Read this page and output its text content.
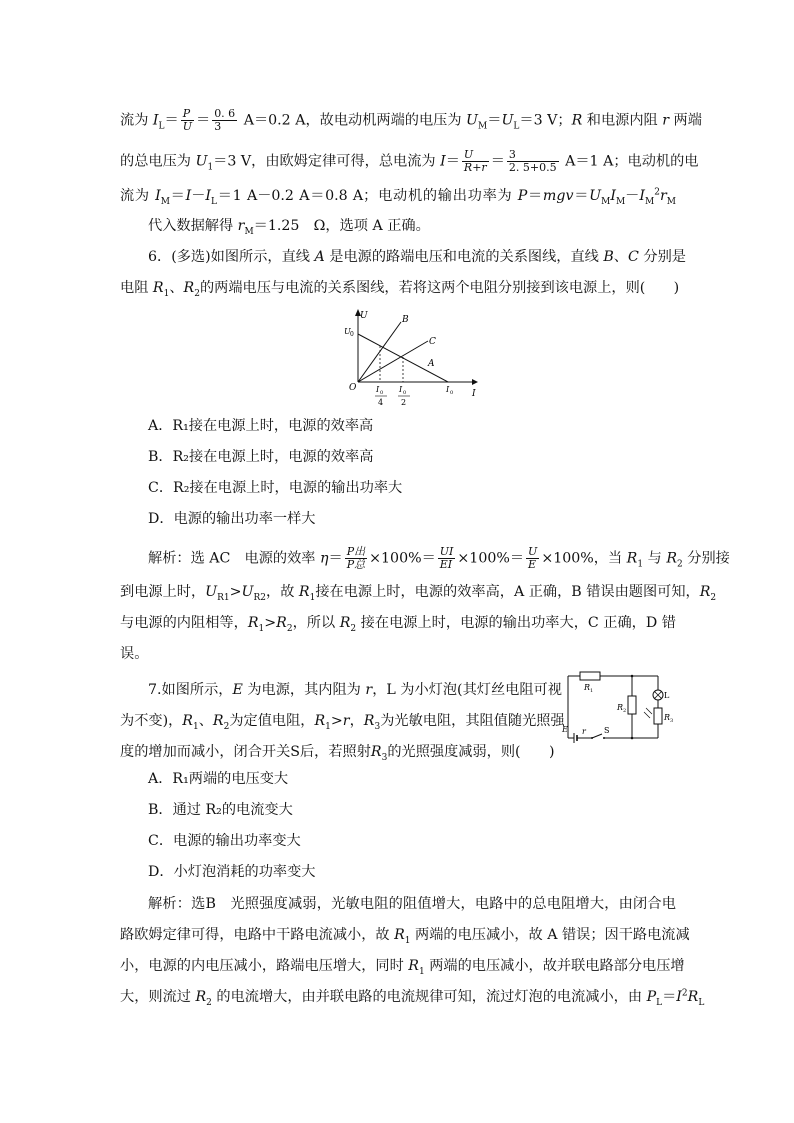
流为 $I_L= \frac{P}{U} = \frac{0. 6}{3} A=0.2$ A，故电动机两端的电压为 $U_M=U_L=3$ V；R 和电源内阻 r 两端
的总电压为 $U_1=3$ V，由欧姆定律可得，总电流为 $I= \frac{U}{R+r} = \frac{3}{2. 5+0.5} A=1$ A；电动机的电
流为 $I_M=I-I_L=1$ A－0.2 A＝0.8 A；电动机的输出功率为 $P=mgv=U_MI_M-I_M^2r_M$
代入数据解得 $r_M=1.25$　Ω，选项 A 正确。
6．(多选)如图所示，直线 A 是电源的路端电压和电流的关系图线，直线 B、C 分别是
电阻 $R_1$、$R_2$的两端电压与电流的关系图线，若将这两个电阻分别接到该电源上，则(　　)
U
I
O
U 0
B
C
A
I 0
4
I 0
2
I 0
A．R₁接在电源上时，电源的效率高
B．R₂接在电源上时，电源的效率高
C．R₂接在电源上时，电源的输出功率大
D．电源的输出功率一样大
解析：选 AC　电源的效率 $\eta= \frac{\text{P出}}{\text{P总}} \times 100\%= \frac{UI}{EI} \times 100\%= \frac{U}{E} \times 100\%$，当 $R_1$ 与 $R_2$ 分别接
到电源上时，$U_{R1}>U_{R2}$，故 $R_1$接在电源上时，电源的效率高，A 正确，B 错误由题图可知，$R_2$
与电源的内阻相等，$R_1>R_2$，所以 $R_2$ 接在电源上时，电源的输出功率大，C 正确，D 错
误。
7.如图所示，E 为电源，其内阻为 r，L 为小灯泡(其灯丝电阻可视
为不变)，$R_1$、$R_2$为定值电阻，$R_1>r$，$R_3$为光敏电阻，其阻值随光照强
度的增加而减小，闭合开关S后，若照射$R_3$的光照强度减弱，则(　　)
R 1
R 2
L
R 3
E r S
A．R₁两端的电压变大
B．通过 R₂的电流变大
C．电源的输出功率变大
D．小灯泡消耗的功率变大
解析：选B　光照强度减弱，光敏电阻的阻值增大，电路中的总电阻增大，由闭合电
路欧姆定律可得，电路中干路电流减小，故 $R_1$ 两端的电压减小，故 A 错误；因干路电流减
小，电源的内电压减小，路端电压增大，同时 $R_1$ 两端的电压减小，故并联电路部分电压增
大，则流过 $R_2$ 的电流增大，由并联电路的电流规律可知，流过灯泡的电流减小，由 $P_L=I^2R_L$
